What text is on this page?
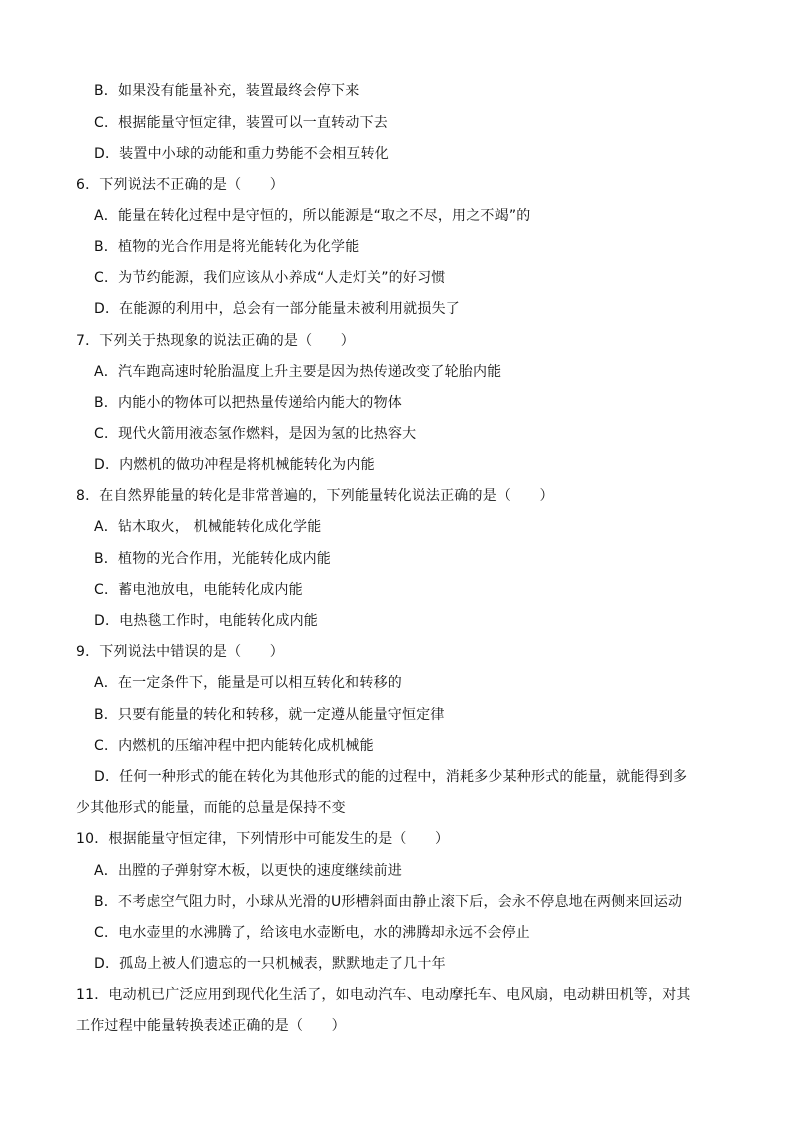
B．如果没有能量补充，装置最终会停下来
C．根据能量守恒定律，装置可以一直转动下去
D．装置中小球的动能和重力势能不会相互转化
6．下列说法不正确的是（　　）
A．能量在转化过程中是守恒的，所以能源是“取之不尽，用之不竭”的
B．植物的光合作用是将光能转化为化学能
C．为节约能源，我们应该从小养成“人走灯关”的好习惯
D．在能源的利用中，总会有一部分能量未被利用就损失了
7．下列关于热现象的说法正确的是（　　）
A．汽车跑高速时轮胎温度上升主要是因为热传递改变了轮胎内能
B．内能小的物体可以把热量传递给内能大的物体
C．现代火箭用液态氢作燃料，是因为氢的比热容大
D．内燃机的做功冲程是将机械能转化为内能
8．在自然界能量的转化是非常普遍的，下列能量转化说法正确的是（　　）
A．钻木取火， 机械能转化成化学能
B．植物的光合作用，光能转化成内能
C．蓄电池放电，电能转化成内能
D．电热毯工作时，电能转化成内能
9．下列说法中错误的是（　　）
A．在一定条件下，能量是可以相互转化和转移的
B．只要有能量的转化和转移，就一定遵从能量守恒定律
C．内燃机的压缩冲程中把内能转化成机械能
D．任何一种形式的能在转化为其他形式的能的过程中，消耗多少某种形式的能量，就能得到多
少其他形式的能量，而能的总量是保持不变
10．根据能量守恒定律，下列情形中可能发生的是（　　）
A．出膛的子弹射穿木板，以更快的速度继续前进
B．不考虑空气阻力时，小球从光滑的U形槽斜面由静止滚下后，会永不停息地在两侧来回运动
C．电水壶里的水沸腾了，给该电水壶断电，水的沸腾却永远不会停止
D．孤岛上被人们遗忘的一只机械表，默默地走了几十年
11．电动机已广泛应用到现代化生活了，如电动汽车、电动摩托车、电风扇，电动耕田机等，对其
工作过程中能量转换表述正确的是（　　）
